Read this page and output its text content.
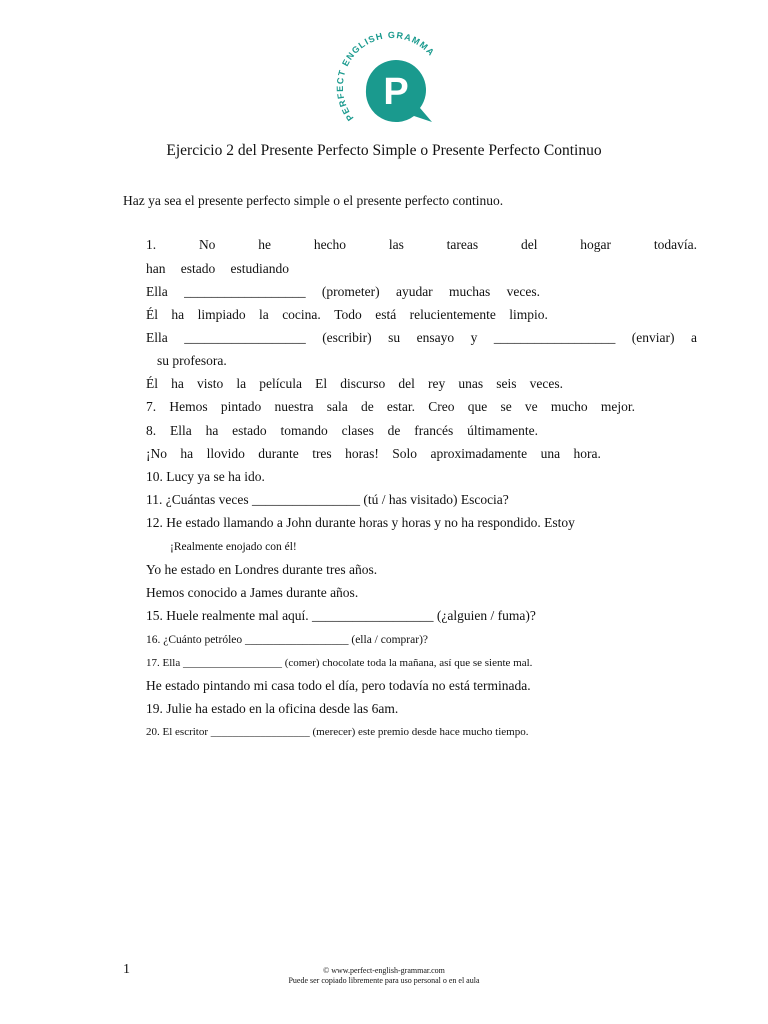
PERFECT ENGLISH GRAMMA
P
Ejercicio 2 del Presente Perfecto Simple o Presente Perfecto Continuo
Haz ya sea el presente perfecto simple o el presente perfecto continuo.
1.	No	he	hecho	las	tareas	del	hogar	todavía.
han estado estudiando
Ella __________________ (prometer) ayudar muchas veces.
Él ha limpiado la cocina. Todo está relucientemente limpio.
Ella __________________ (escribir) su ensayo y __________________ (enviar) a
su profesora.
Él ha visto la película El discurso del rey unas seis veces.
7. Hemos pintado nuestra sala de estar. Creo que se ve mucho mejor.
8. Ella ha estado tomando clases de francés últimamente.
¡No ha llovido durante tres horas! Solo aproximadamente una hora.
10. Lucy ya se ha ido.
11. ¿Cuántas veces ________________ (tú / has visitado) Escocia?
12. He estado llamando a John durante horas y horas y no ha respondido. Estoy
¡Realmente enojado con él!
Yo he estado en Londres durante tres años.
Hemos conocido a James durante años.
15. Huele realmente mal aquí. __________________ (¿alguien / fuma)?
16. ¿Cuánto petróleo __________________ (ella / comprar)?
17. Ella __________________ (comer) chocolate toda la mañana, así que se siente mal.
He estado pintando mi casa todo el día, pero todavía no está terminada.
19. Julie ha estado en la oficina desde las 6am.
20. El escritor __________________ (merecer) este premio desde hace mucho tiempo.
1	© www.perfect-english-grammar.com
Puede ser copiado libremente para uso personal o en el aula
